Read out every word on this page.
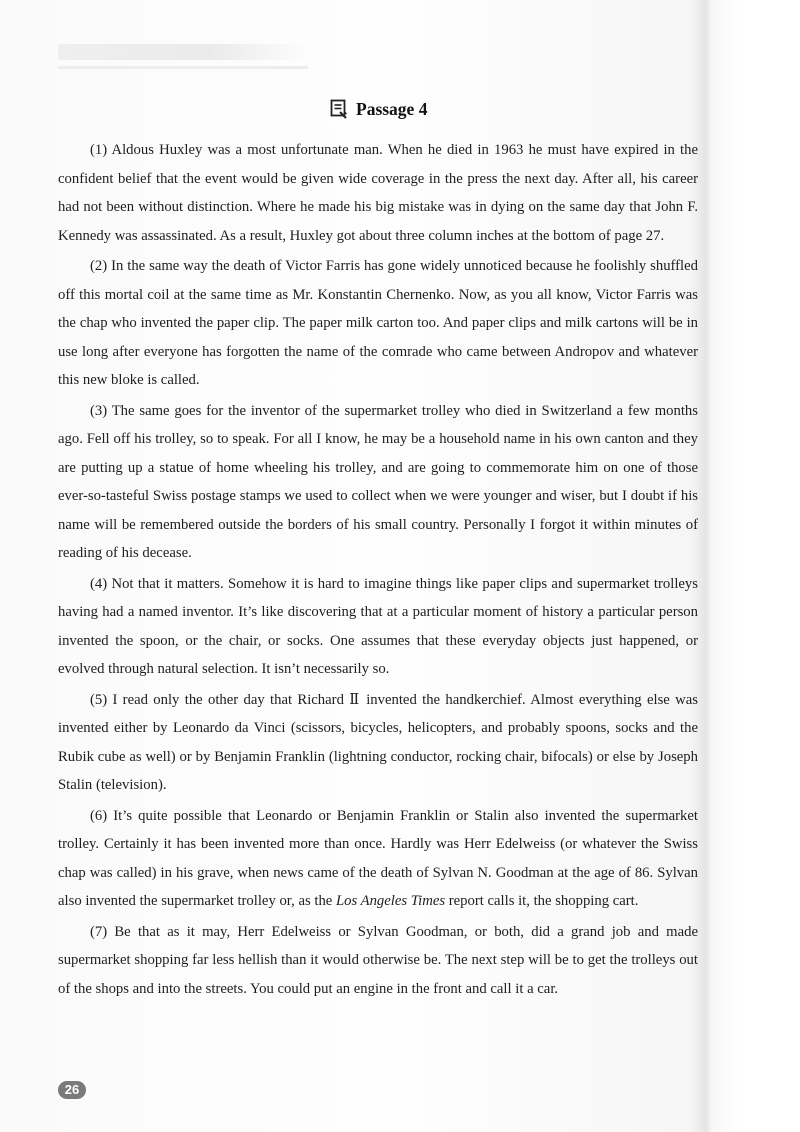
Passage 4

(1) Aldous Huxley was a most unfortunate man. When he died in 1963 he must have expired in the confident belief that the event would be given wide coverage in the press the next day. After all, his career had not been without distinction. Where he made his big mistake was in dying on the same day that John F. Kennedy was assassinated. As a result, Huxley got about three column inches at the bottom of page 27.

(2) In the same way the death of Victor Farris has gone widely unnoticed because he foolishly shuffled off this mortal coil at the same time as Mr. Konstantin Chernenko. Now, as you all know, Victor Farris was the chap who invented the paper clip. The paper milk carton too. And paper clips and milk cartons will be in use long after everyone has forgotten the name of the comrade who came between Andropov and whatever this new bloke is called.

(3) The same goes for the inventor of the supermarket trolley who died in Switzerland a few months ago. Fell off his trolley, so to speak. For all I know, he may be a household name in his own canton and they are putting up a statue of home wheeling his trolley, and are going to commemorate him on one of those ever-so-tasteful Swiss postage stamps we used to collect when we were younger and wiser, but I doubt if his name will be remembered outside the borders of his small country. Personally I forgot it within minutes of reading of his decease.

(4) Not that it matters. Somehow it is hard to imagine things like paper clips and supermarket trolleys having had a named inventor. It’s like discovering that at a particular moment of history a particular person invented the spoon, or the chair, or socks. One assumes that these everyday objects just happened, or evolved through natural selection. It isn’t necessarily so.

(5) I read only the other day that Richard Ⅱ invented the handkerchief. Almost everything else was invented either by Leonardo da Vinci (scissors, bicycles, helicopters, and probably spoons, socks and the Rubik cube as well) or by Benjamin Franklin (lightning conductor, rocking chair, bifocals) or else by Joseph Stalin (television).

(6) It’s quite possible that Leonardo or Benjamin Franklin or Stalin also invented the supermarket trolley. Certainly it has been invented more than once. Hardly was Herr Edelweiss (or whatever the Swiss chap was called) in his grave, when news came of the death of Sylvan N. Goodman at the age of 86. Sylvan also invented the supermarket trolley or, as the Los Angeles Times report calls it, the shopping cart.

(7) Be that as it may, Herr Edelweiss or Sylvan Goodman, or both, did a grand job and made supermarket shopping far less hellish than it would otherwise be. The next step will be to get the trolleys out of the shops and into the streets. You could put an engine in the front and call it a car.

26
